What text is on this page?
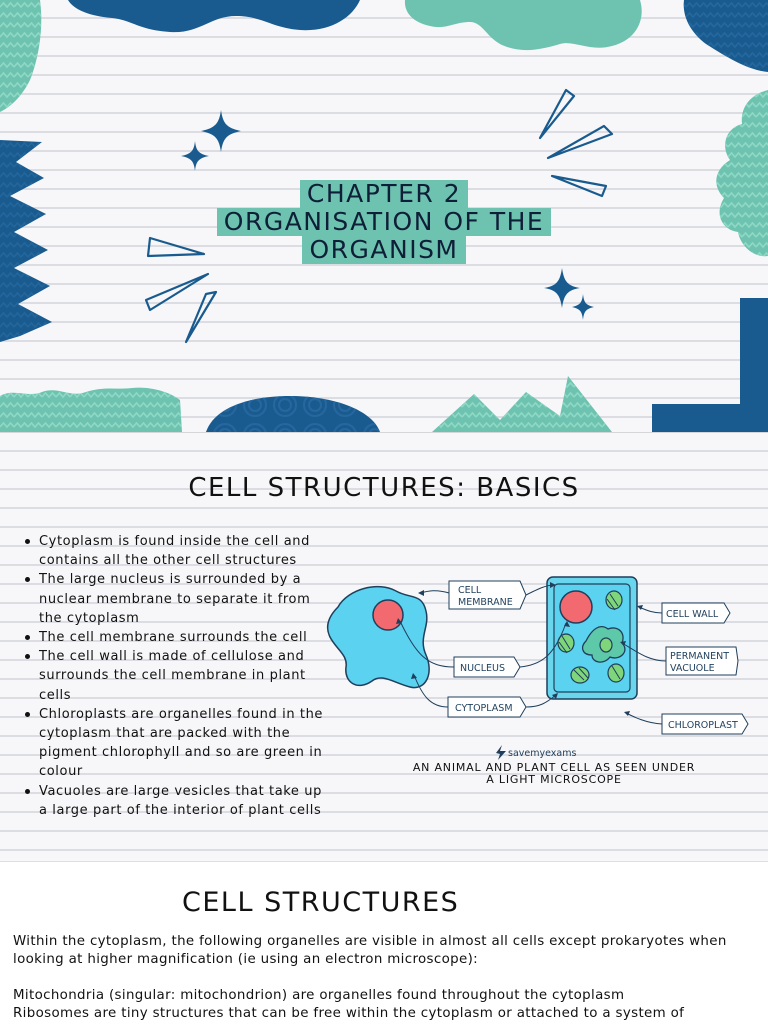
CHAPTER 2
ORGANISATION OF THE
ORGANISM
CELL STRUCTURES: BASICS
Cytoplasm is found inside the cell and contains all the other cell structures
The large nucleus is surrounded by a nuclear membrane to separate it from the cytoplasm
The cell membrane surrounds the cell
The cell wall is made of cellulose and surrounds the cell membrane in plant cells
Chloroplasts are organelles found in the cytoplasm that are packed with the pigment chlorophyll and so are green in colour
Vacuoles are large vesicles that take up a large part of the interior of plant cells
CELL
MEMBRANE
NUCLEUS
CYTOPLASM
CELL WALL
PERMANENT
VACUOLE
CHLOROPLAST
savemyexams
AN ANIMAL AND PLANT CELL AS SEEN UNDER
A LIGHT MICROSCOPE
CELL STRUCTURES

Within the cytoplasm, the following organelles are visible in almost all cells except prokaryotes when

looking at higher magnification (ie using an electron microscope):

Mitochondria (singular: mitochondrion) are organelles found throughout the cytoplasm

Ribosomes are tiny structures that can be free within the cytoplasm or attached to a system of
